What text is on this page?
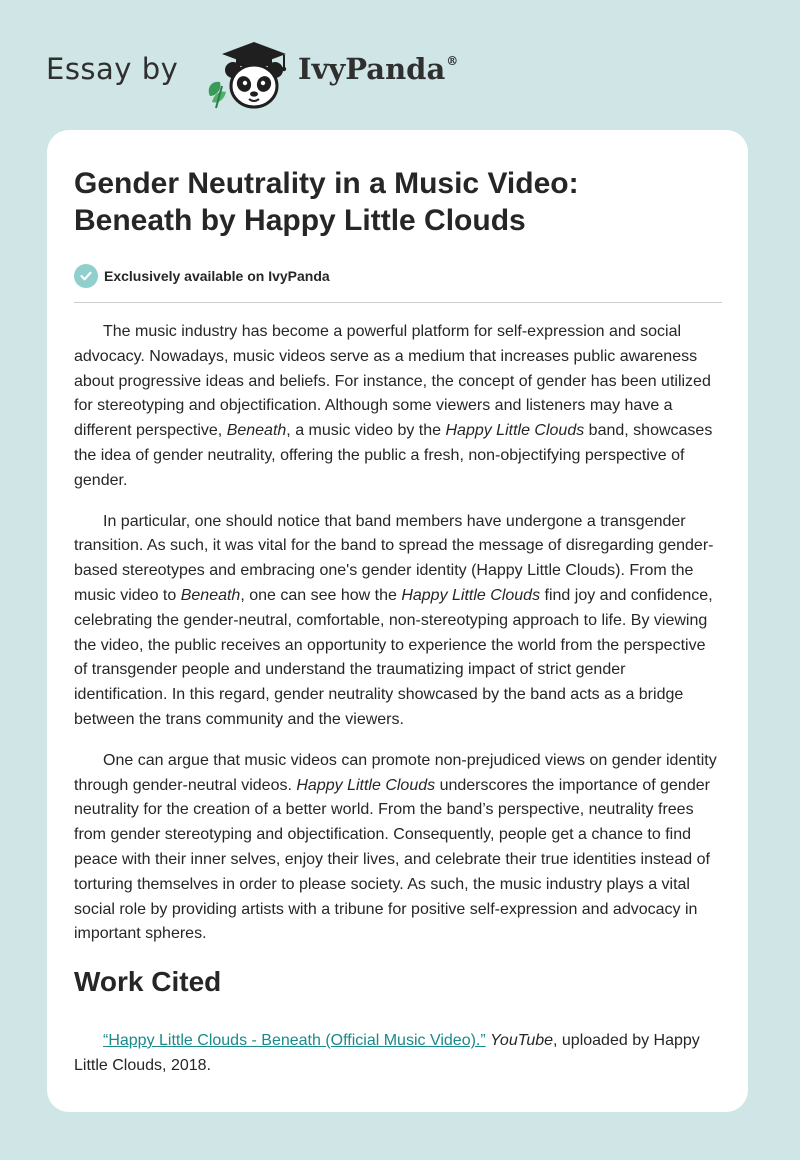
Essay by	IvyPanda®
Gender Neutrality in a Music Video:
Beneath by Happy Little Clouds
Exclusively available on IvyPanda

The music industry has become a powerful platform for self-expression and social advocacy. Nowadays, music videos serve as a medium that increases public awareness about progressive ideas and beliefs. For instance, the concept of gender has been utilized for stereotyping and objectification. Although some viewers and listeners may have a different perspective, Beneath, a music video by the Happy Little Clouds band, showcases the idea of gender neutrality, offering the public a fresh, non-objectifying perspective of gender.

In particular, one should notice that band members have undergone a transgender transition. As such, it was vital for the band to spread the message of disregarding gender-based stereotypes and embracing one's gender identity (Happy Little Clouds). From the music video to Beneath, one can see how the Happy Little Clouds find joy and confidence, celebrating the gender-neutral, comfortable, non-stereotyping approach to life. By viewing the video, the public receives an opportunity to experience the world from the perspective of transgender people and understand the traumatizing impact of strict gender identification. In this regard, gender neutrality showcased by the band acts as a bridge between the trans community and the viewers.

One can argue that music videos can promote non-prejudiced views on gender identity through gender-neutral videos. Happy Little Clouds underscores the importance of gender neutrality for the creation of a better world. From the band’s perspective, neutrality frees from gender stereotyping and objectification. Consequently, people get a chance to find peace with their inner selves, enjoy their lives, and celebrate their true identities instead of torturing themselves in order to please society. As such, the music industry plays a vital social role by providing artists with a tribune for positive self-expression and advocacy in important spheres.

Work Cited

“Happy Little Clouds - Beneath (Official Music Video).” YouTube, uploaded by Happy Little Clouds, 2018.
